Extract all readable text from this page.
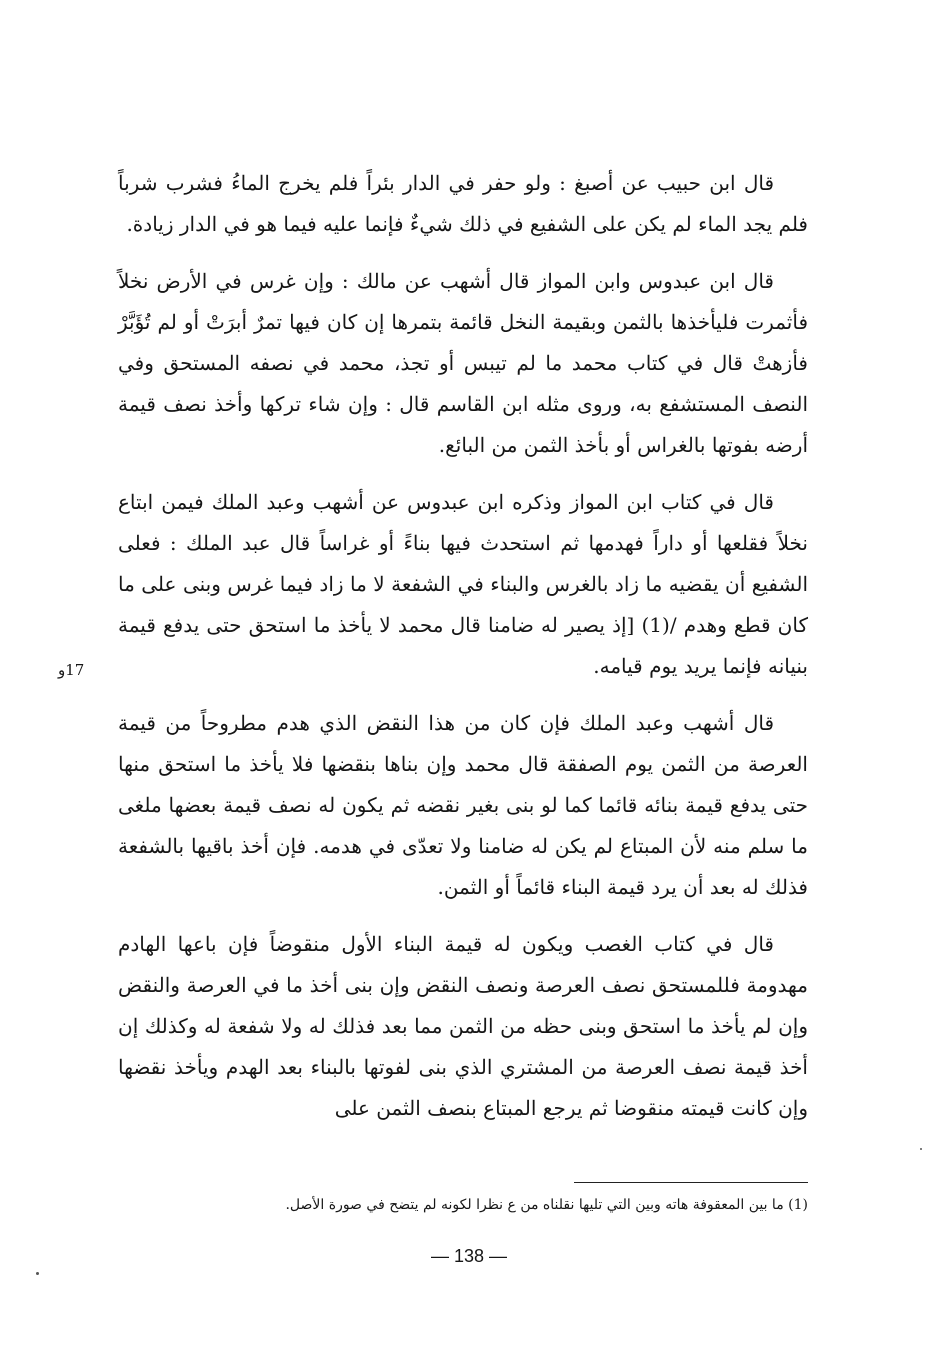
قال ابن حبيب عن أصبغ : ولو حفر في الدار بئراً فلم يخرج الماءُ فشرب شرباً فلم يجد الماء لم يكن على الشفيع في ذلك شيءٌ فإنما عليه فيما هو في الدار زيادة.

قال ابن عبدوس وابن المواز قال أشهب عن مالك : وإن غرس في الأرض نخلاً فأثمرت فليأخذها بالثمن وبقيمة النخل قائمة بتمرها إن كان فيها تمرٌ أبرَتْ أو لم تُؤَبَّرْ فأزهتْ قال في كتاب محمد ما لم تيبس أو تجذ، محمد في نصفه المستحق وفي النصف المستشفع به، وروى مثله ابن القاسم قال : وإن شاء تركها وأخذ نصف قيمة أرضه بفوتها بالغراس أو بأخذ الثمن من البائع.

قال في كتاب ابن المواز وذكره ابن عبدوس عن أشهب وعبد الملك فيمن ابتاع نخلاً فقلعها أو داراً فهدمها ثم استحدث فيها بناءً أو غراساً قال عبد الملك : فعلى الشفيع أن يقضيه ما زاد بالغرس والبناء في الشفعة لا ما زاد فيما غرس وبنى على ما كان قطع وهدم /(1) [إذ يصير له ضامنا قال محمد لا يأخذ ما استحق حتى يدفع قيمة بنيانه فإنما يريد يوم قيامه.

قال أشهب وعبد الملك فإن كان من هذا النقض الذي هدم مطروحاً من قيمة العرصة من الثمن يوم الصفقة قال محمد وإن بناها بنقضها فلا يأخذ ما استحق منها حتى يدفع قيمة بنائه قائما كما لو بنى بغير نقضه ثم يكون له نصف قيمة بعضها ملغى ما سلم منه لأن المبتاع لم يكن له ضامنا ولا تعدّى في هدمه. فإن أخذ باقيها بالشفعة فذلك له بعد أن يرد قيمة البناء قائماً أو الثمن.

قال في كتاب الغصب ويكون له قيمة البناء الأول منقوضاً فإن باعها الهادم مهدومة فللمستحق نصف العرصة ونصف النقض وإن بنى أخذ ما في العرصة والنقض وإن لم يأخذ ما استحق وبنى حظه من الثمن مما بعد فذلك له ولا شفعة له وكذلك إن أخذ قيمة نصف العرصة من المشتري الذي بنى لفوتها بالبناء بعد الهدم ويأخذ نقضها وإن كانت قيمته منقوضا ثم يرجع المبتاع بنصف الثمن على

17و
(1) ما بين المعقوفة هاته وبين التي تليها نقلناه من ع نظرا لكونه لم يتضح في صورة الأصل.
— 138 —
